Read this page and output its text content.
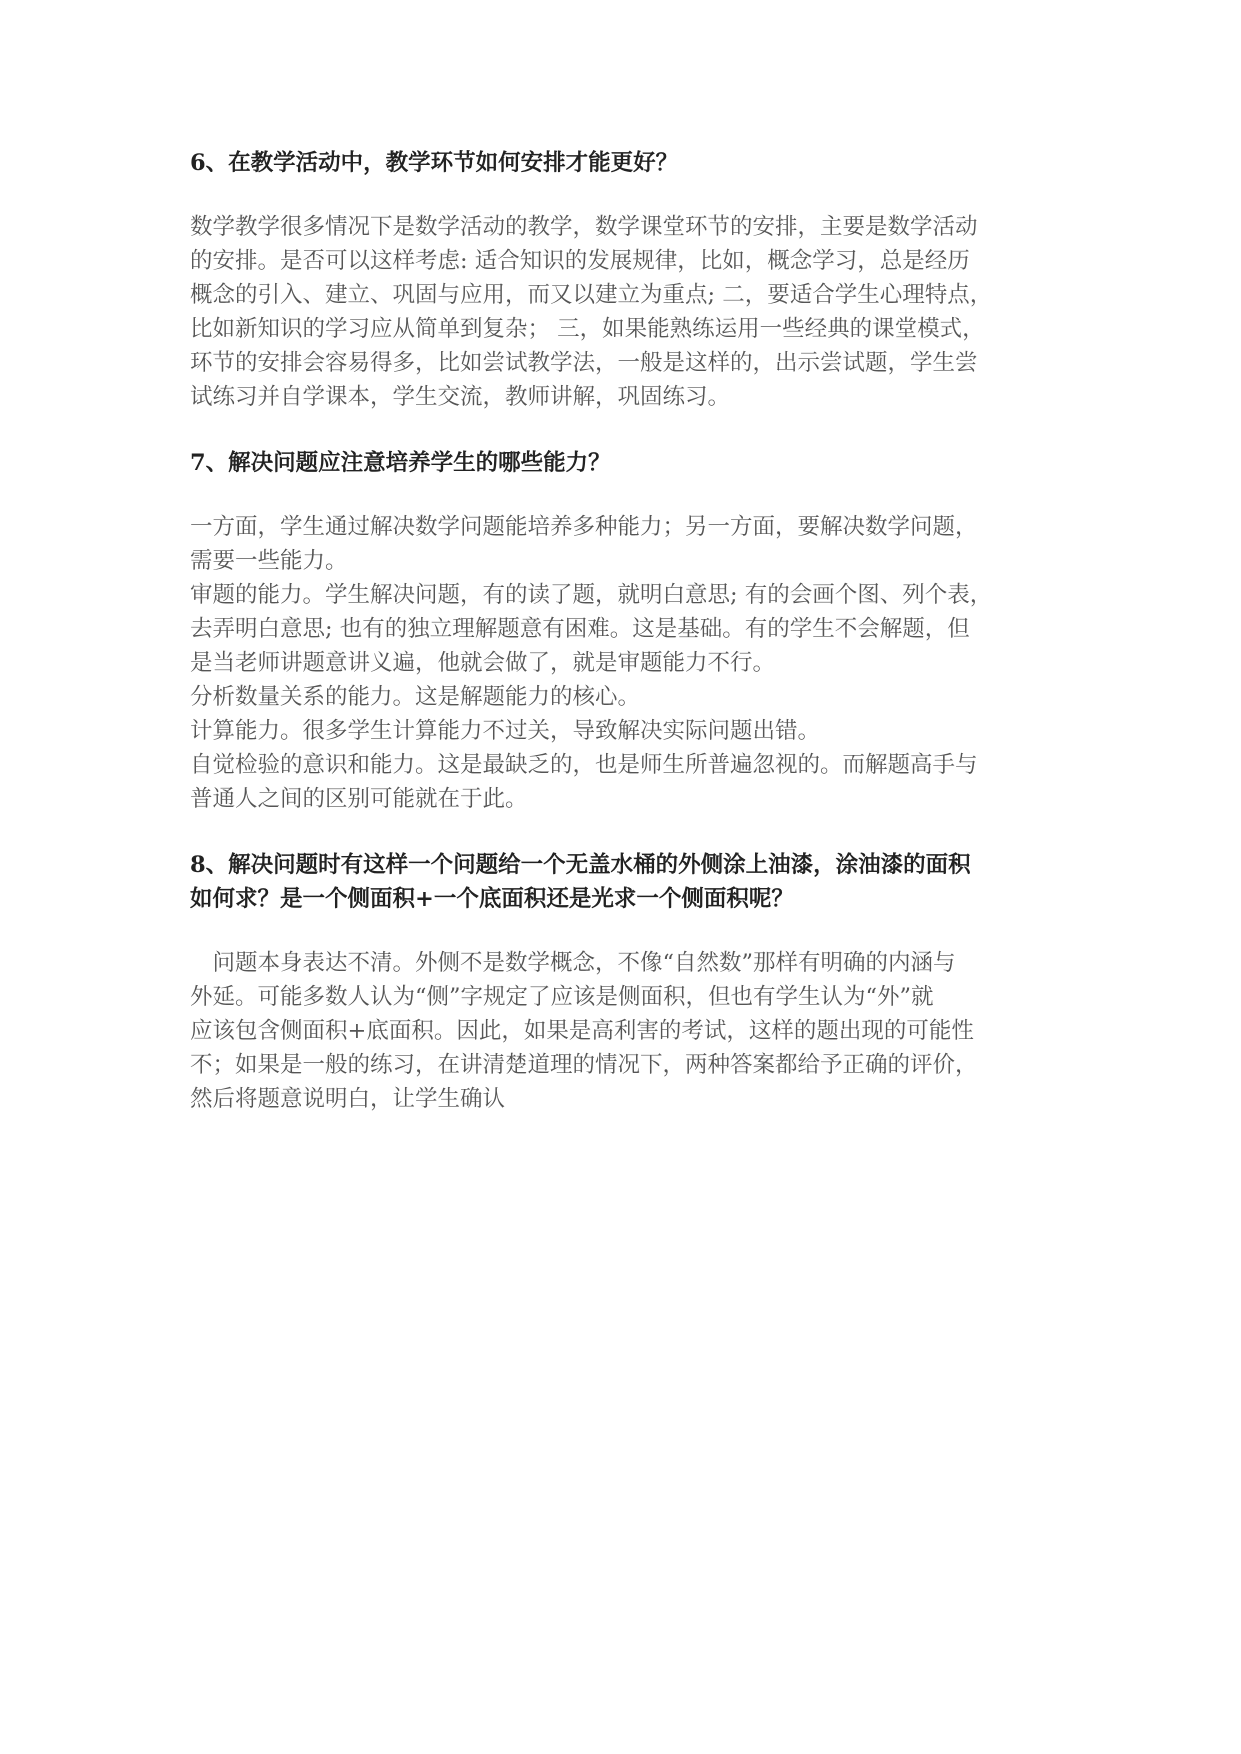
6、在教学活动中，教学环节如何安排才能更好？

数学教学很多情况下是数学活动的教学，数学课堂环节的安排，主要是数学活动
的安排。是否可以这样考虑: 适合知识的发展规律，比如，概念学习，总是经历
概念的引入、建立、巩固与应用，而又以建立为重点; 二，要适合学生心理特点，
比如新知识的学习应从简单到复杂； 三，如果能熟练运用一些经典的课堂模式，
环节的安排会容易得多，比如尝试教学法，一般是这样的，出示尝试题，学生尝
试练习并自学课本，学生交流，教师讲解，巩固练习。

7、解决问题应注意培养学生的哪些能力？

一方面，学生通过解决数学问题能培养多种能力；另一方面，要解决数学问题，
需要一些能力。
审题的能力。学生解决问题，有的读了题，就明白意思; 有的会画个图、列个表，
去弄明白意思; 也有的独立理解题意有困难。这是基础。有的学生不会解题，但
是当老师讲题意讲义遍，他就会做了，就是审题能力不行。
分析数量关系的能力。这是解题能力的核心。
计算能力。很多学生计算能力不过关，导致解决实际问题出错。
自觉检验的意识和能力。这是最缺乏的，也是师生所普遍忽视的。而解题高手与
普通人之间的区别可能就在于此。

8、解决问题时有这样一个问题给一个无盖水桶的外侧涂上油漆，涂油漆的面积
如何求？是一个侧面积+一个底面积还是光求一个侧面积呢？

　问题本身表达不清。外侧不是数学概念，不像“自然数”那样有明确的内涵与
外延。可能多数人认为“侧”字规定了应该是侧面积，但也有学生认为“外”就
应该包含侧面积+底面积。因此，如果是高利害的考试，这样的题出现的可能性
不；如果是一般的练习，在讲清楚道理的情况下，两种答案都给予正确的评价，
然后将题意说明白，让学生确认
